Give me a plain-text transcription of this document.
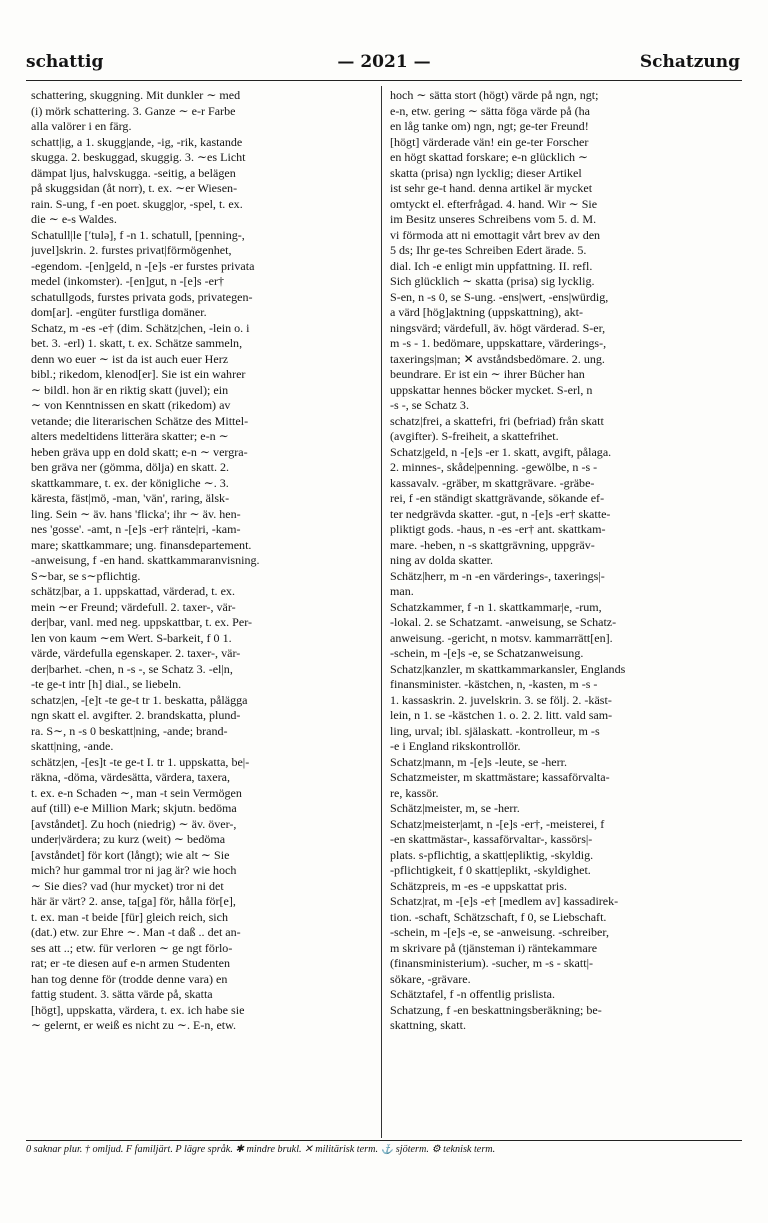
schattig	— 2021 —	Schatzung
schattering, skuggning. Mit dunkler ∼ med
(i) mörk schattering. 3. Ganze ∼ e-r Farbe
alla valörer i en färg.
schatt|ig, a 1. skugg|ande, -ig, -rik, kastande
skugga. 2. beskuggad, skuggig. 3. ∼es Licht
dämpat ljus, halvskugga. -seitig, a belägen
på skuggsidan (åt norr), t. ex. ∼er Wiesen-
rain. S-ung, f -en poet. skugg|or, -spel, t. ex.
die ∼ e-s Waldes.
Schatull|le [′tulə], f -n 1. schatull, [penning-,
juvel]skrin. 2. furstes privat|förmögenhet,
-egendom. -[en]geld, n -[e]s -er furstes privata
medel (inkomster). -[en]gut, n -[e]s -er†
schatullgods, furstes privata gods, privategen-
dom[ar]. -engüter furstliga domäner.
Schatz, m -es -e† (dim. Schätz|chen, -lein o. i
bet. 3. -erl) 1. skatt, t. ex. Schätze sammeln,
denn wo euer ∼ ist da ist auch euer Herz
bibl.; rikedom, klenod[er]. Sie ist ein wahrer
∼ bildl. hon är en riktig skatt (juvel); ein
∼ von Kenntnissen en skatt (rikedom) av
vetande; die literarischen Schätze des Mittel-
alters medeltidens litterära skatter; e-n ∼
heben gräva upp en dold skatt; e-n ∼ vergra-
ben gräva ner (gömma, dölja) en skatt. 2.
skattkammare, t. ex. der königliche ∼. 3.
käresta, fäst|mö, -man, 'vän', raring, älsk-
ling. Sein ∼ äv. hans 'flicka'; ihr ∼ äv. hen-
nes 'gosse'. -amt, n -[e]s -er† ränte|ri, -kam-
mare; skattkammare; ung. finansdepartement.
-anweisung, f -en hand. skattkammaranvisning.
S∼bar, se s∼pflichtig.
schätz|bar, a 1. uppskattad, värderad, t. ex.
mein ∼er Freund; värdefull. 2. taxer-, vär-
der|bar, vanl. med neg. uppskattbar, t. ex. Per-
len von kaum ∼em Wert. S-barkeit, f 0 1.
värde, värdefulla egenskaper. 2. taxer-, vär-
der|barhet. -chen, n -s -, se Schatz 3. -el|n,
-te ge-t intr [h] dial., se liebeln.
schatz|en, -[e]t -te ge-t tr 1. beskatta, pålägga
ngn skatt el. avgifter. 2. brandskatta, plund-
ra. S∼, n -s 0 beskatt|ning, -ande; brand-
skatt|ning, -ande.
schätz|en, -[es]t -te ge-t I. tr 1. uppskatta, be|-
räkna, -döma, värdesätta, värdera, taxera,
t. ex. e-n Schaden ∼, man -t sein Vermögen
auf (till) e-e Million Mark; skjutn. bedöma
[avståndet]. Zu hoch (niedrig) ∼ äv. över-,
under|värdera; zu kurz (weit) ∼ bedöma
[avståndet] för kort (långt); wie alt ∼ Sie
mich? hur gammal tror ni jag är? wie hoch
∼ Sie dies? vad (hur mycket) tror ni det
här är värt? 2. anse, ta[ga] för, hålla för[e],
t. ex. man -t beide [für] gleich reich, sich
(dat.) etw. zur Ehre ∼. Man -t daß .. det an-
ses att ..; etw. für verloren ∼ ge ngt förlo-
rat; er -te diesen auf e-n armen Studenten
han tog denne för (trodde denne vara) en
fattig student. 3. sätta värde på, skatta
[högt], uppskatta, värdera, t. ex. ich habe sie
∼ gelernt, er weiß es nicht zu ∼. E-n, etw.
hoch ∼ sätta stort (högt) värde på ngn, ngt;
e-n, etw. gering ∼ sätta föga värde på (ha
en låg tanke om) ngn, ngt; ge-ter Freund!
[högt] värderade vän! ein ge-ter Forscher
en högt skattad forskare; e-n glücklich ∼
skatta (prisa) ngn lycklig; dieser Artikel
ist sehr ge-t hand. denna artikel är mycket
omtyckt el. efterfrågad. 4. hand. Wir ∼ Sie
im Besitz unseres Schreibens vom 5. d. M.
vi förmoda att ni emottagit vårt brev av den
5 ds; Ihr ge-tes Schreiben Edert ärade. 5.
dial. Ich -e enligt min uppfattning. II. refl.
Sich glücklich ∼ skatta (prisa) sig lycklig.
S-en, n -s 0, se S-ung. -ens|wert, -ens|würdig,
a värd [hög]aktning (uppskattning), akt-
ningsvärd; värdefull, äv. högt värderad. S-er,
m -s - 1. bedömare, uppskattare, värderings-,
taxerings|man; ✕ avståndsbedömare. 2. ung.
beundrare. Er ist ein ∼ ihrer Bücher han
uppskattar hennes böcker mycket. S-erl, n
-s -, se Schatz 3.
schatz|frei, a skattefri, fri (befriad) från skatt
(avgifter). S-freiheit, a skattefrihet.
Schatz|geld, n -[e]s -er 1. skatt, avgift, pålaga.
2. minnes-, skåde|penning. -gewölbe, n -s -
kassavalv. -gräber, m skattgrävare. -gräbe-
rei, f -en ständigt skattgrävande, sökande ef-
ter nedgrävda skatter. -gut, n -[e]s -er† skatte-
pliktigt gods. -haus, n -es -er† ant. skattkam-
mare. -heben, n -s skattgrävning, uppgräv-
ning av dolda skatter.
Schätz|herr, m -n -en värderings-, taxerings|-
man.
Schatzkammer, f -n 1. skattkammar|e, -rum,
-lokal. 2. se Schatzamt. -anweisung, se Schatz-
anweisung. -gericht, n motsv. kammarrätt[en].
-schein, m -[e]s -e, se Schatzanweisung.
Schatz|kanzler, m skattkammarkansler, Englands
finansminister. -kästchen, n, -kasten, m -s -
1. kassaskrin. 2. juvelskrin. 3. se följ. 2. -käst-
lein, n 1. se -kästchen 1. o. 2. 2. litt. vald sam-
ling, urval; ibl. själaskatt. -kontrolleur, m -s
-e i England rikskontrollör.
Schatz|mann, m -[e]s -leute, se -herr.
Schatzmeister, m skattmästare; kassaförvalta-
re, kassör.
Schätz|meister, m, se -herr.
Schatz|meister|amt, n -[e]s -er†, -meisterei, f
-en skattmästar-, kassaförvaltar-, kassörs|-
plats. s-pflichtig, a skatt|epliktig, -skyldig.
-pflichtigkeit, f 0 skatt|eplikt, -skyldighet.
Schätzpreis, m -es -e uppskattat pris.
Schatz|rat, m -[e]s -e† [medlem av] kassadirek-
tion. -schaft, Schätzschaft, f 0, se Liebschaft.
-schein, m -[e]s -e, se -anweisung. -schreiber,
m skrivare på (tjänsteman i) räntekammare
(finansministerium). -sucher, m -s - skatt|-
sökare, -grävare.
Schätztafel, f -n offentlig prislista.
Schatzung, f -en beskattningsberäkning; be-
skattning, skatt.
0 saknar plur. † omljud. F familjärt. P lägre språk. ✱ mindre brukl. ✕ militärisk term. ⚓ sjöterm. ⚙ teknisk term.
